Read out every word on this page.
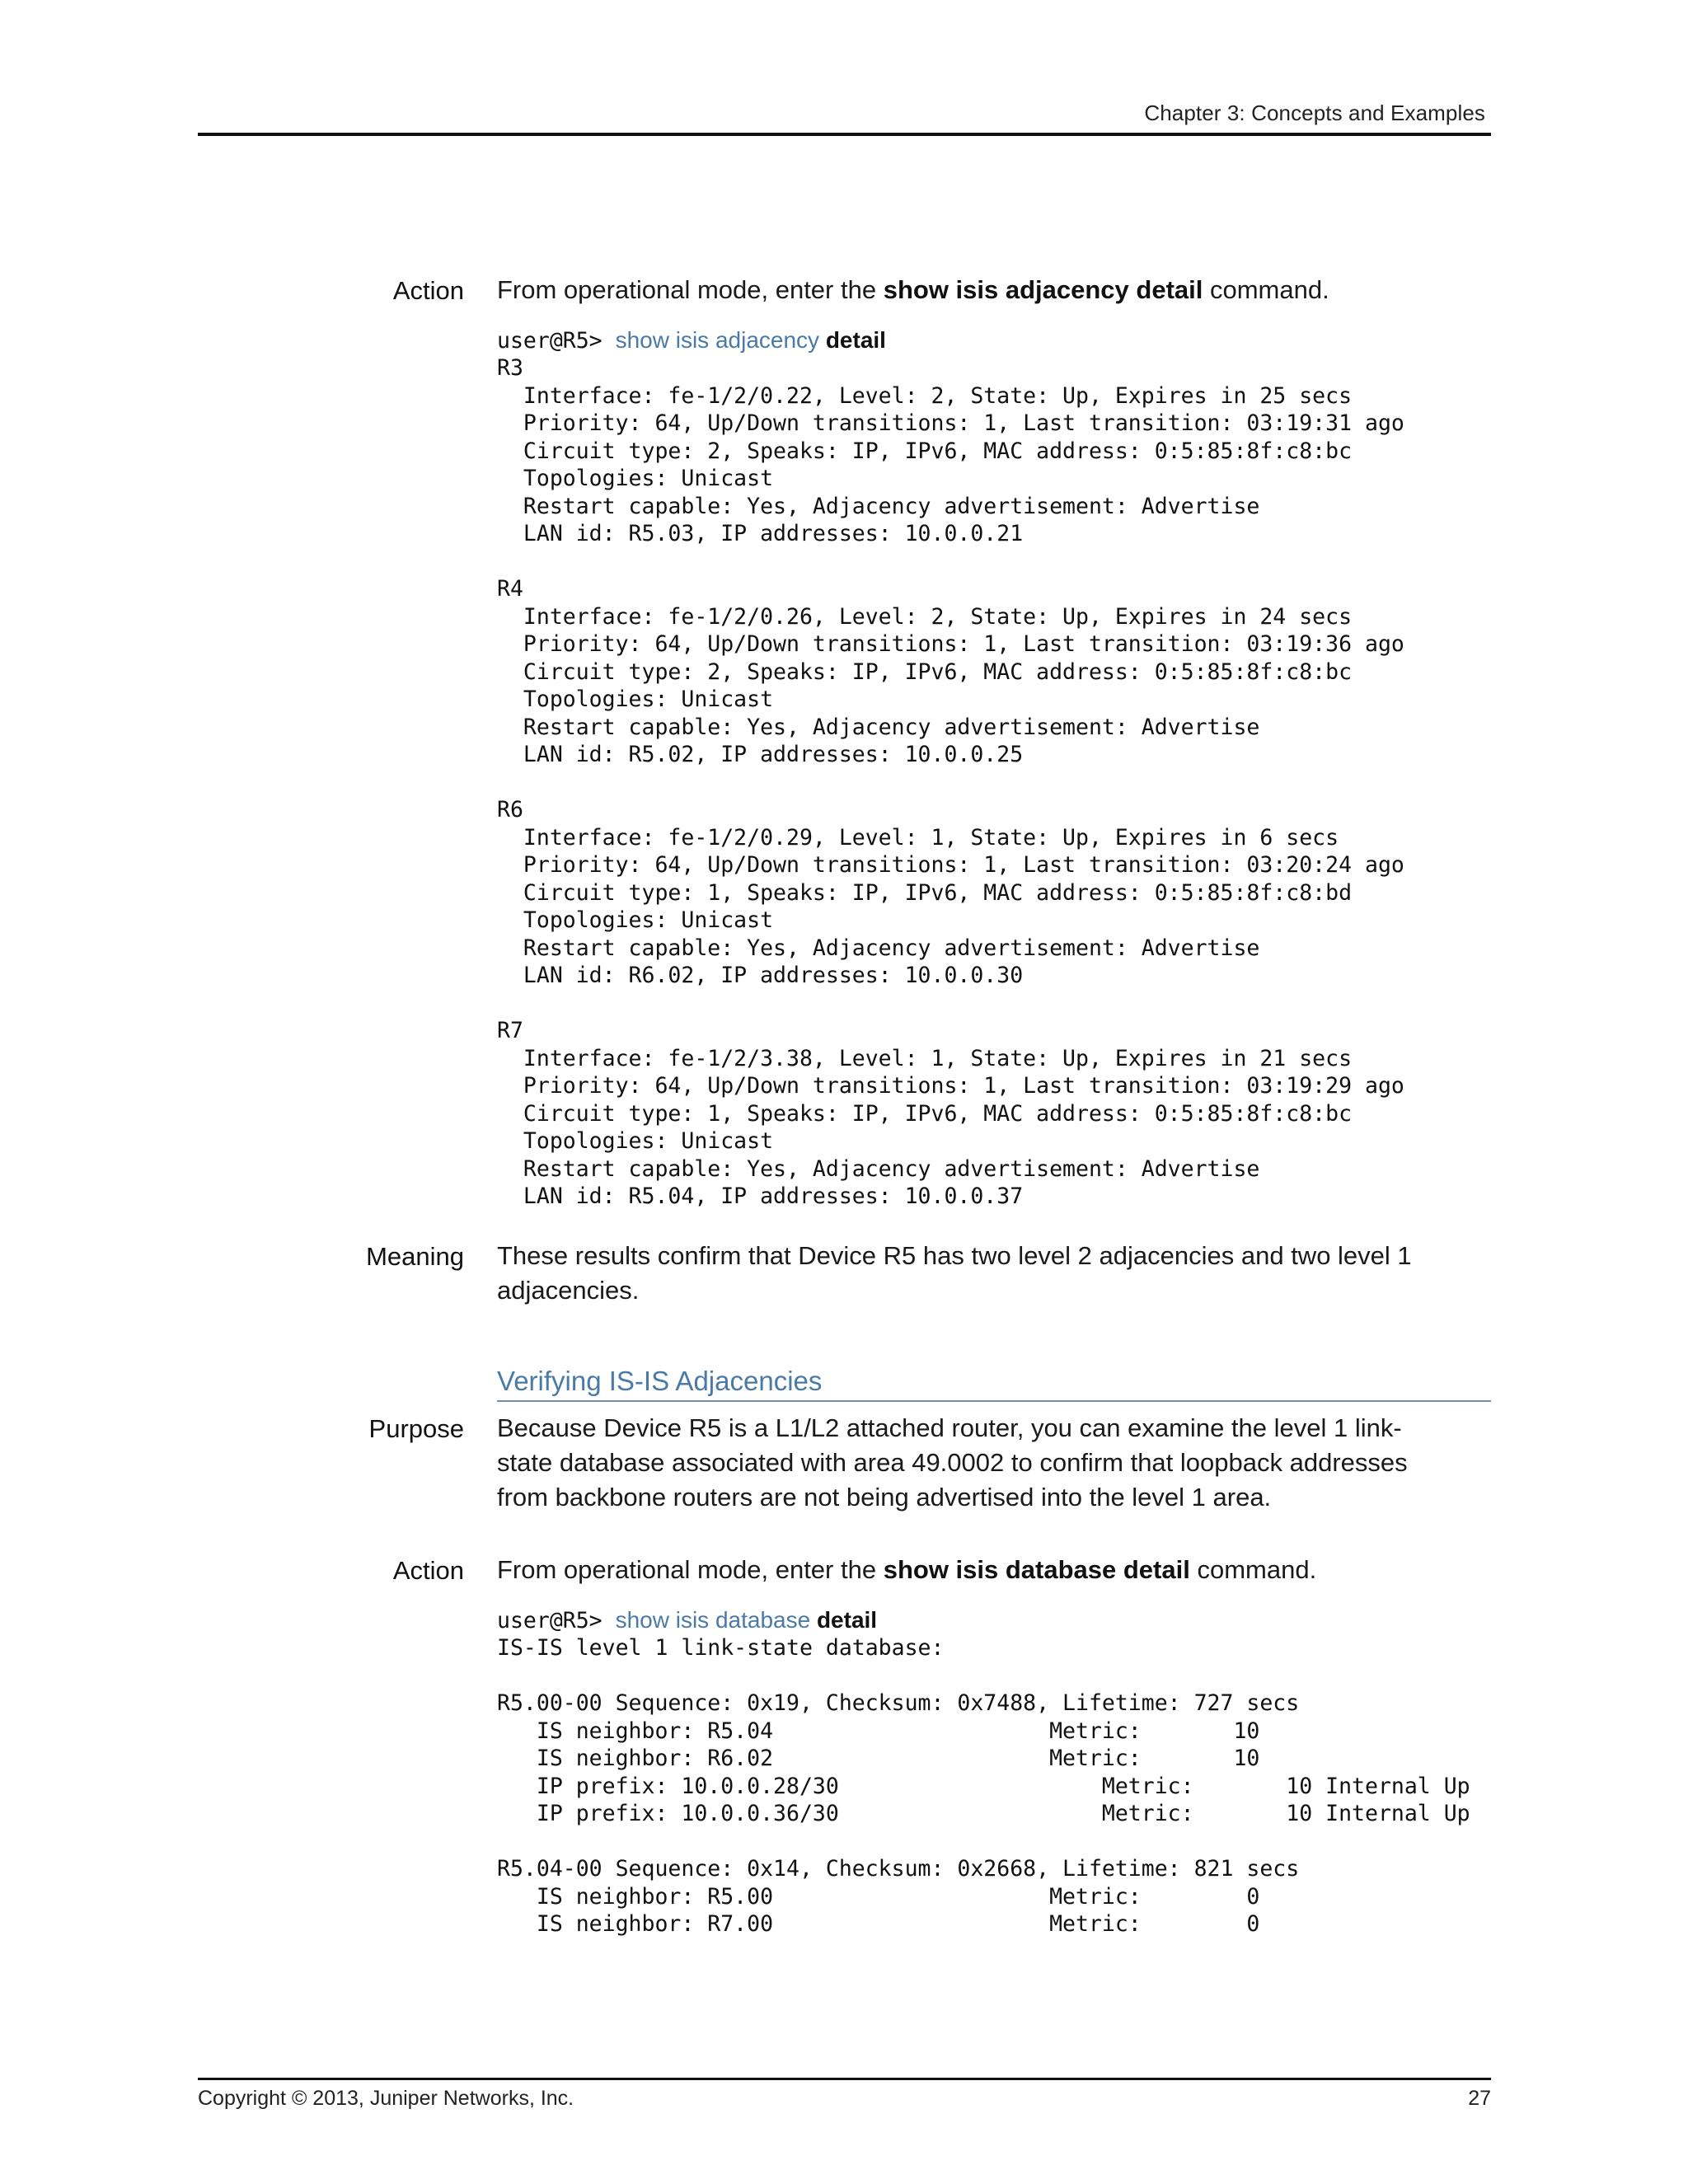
Chapter 3: Concepts and Examples
Action From operational mode, enter the show isis adjacency detail command.
user@R5> show isis adjacency detail
R3
Interface: fe-1/2/0.22, Level: 2, State: Up, Expires in 25 secs
Priority: 64, Up/Down transitions: 1, Last transition: 03:19:31 ago
Circuit type: 2, Speaks: IP, IPv6, MAC address: 0:5:85:8f:c8:bc
Topologies: Unicast
Restart capable: Yes, Adjacency advertisement: Advertise
LAN id: R5.03, IP addresses: 10.0.0.21

R4
Interface: fe-1/2/0.26, Level: 2, State: Up, Expires in 24 secs
Priority: 64, Up/Down transitions: 1, Last transition: 03:19:36 ago
Circuit type: 2, Speaks: IP, IPv6, MAC address: 0:5:85:8f:c8:bc
Topologies: Unicast
Restart capable: Yes, Adjacency advertisement: Advertise
LAN id: R5.02, IP addresses: 10.0.0.25

R6
Interface: fe-1/2/0.29, Level: 1, State: Up, Expires in 6 secs
Priority: 64, Up/Down transitions: 1, Last transition: 03:20:24 ago
Circuit type: 1, Speaks: IP, IPv6, MAC address: 0:5:85:8f:c8:bd
Topologies: Unicast
Restart capable: Yes, Adjacency advertisement: Advertise
LAN id: R6.02, IP addresses: 10.0.0.30

R7
Interface: fe-1/2/3.38, Level: 1, State: Up, Expires in 21 secs
Priority: 64, Up/Down transitions: 1, Last transition: 03:19:29 ago
Circuit type: 1, Speaks: IP, IPv6, MAC address: 0:5:85:8f:c8:bc
Topologies: Unicast
Restart capable: Yes, Adjacency advertisement: Advertise
LAN id: R5.04, IP addresses: 10.0.0.37
Meaning These results confirm that Device R5 has two level 2 adjacencies and two level 1 adjacencies.
Verifying IS-IS Adjacencies
Purpose Because Device R5 is a L1/L2 attached router, you can examine the level 1 link-state database associated with area 49.0002 to confirm that loopback addresses from backbone routers are not being advertised into the level 1 area.
Action From operational mode, enter the show isis database detail command.
user@R5> show isis database detail
IS-IS level 1 link-state database:

R5.00-00 Sequence: 0x19, Checksum: 0x7488, Lifetime: 727 secs
IS neighbor: R5.04                     Metric:       10
IS neighbor: R6.02                     Metric:       10
IP prefix: 10.0.0.28/30                    Metric:       10 Internal Up
IP prefix: 10.0.0.36/30                    Metric:       10 Internal Up

R5.04-00 Sequence: 0x14, Checksum: 0x2668, Lifetime: 821 secs
IS neighbor: R5.00                     Metric:        0
IS neighbor: R7.00                     Metric:        0
Copyright © 2013, Juniper Networks, Inc.	27
